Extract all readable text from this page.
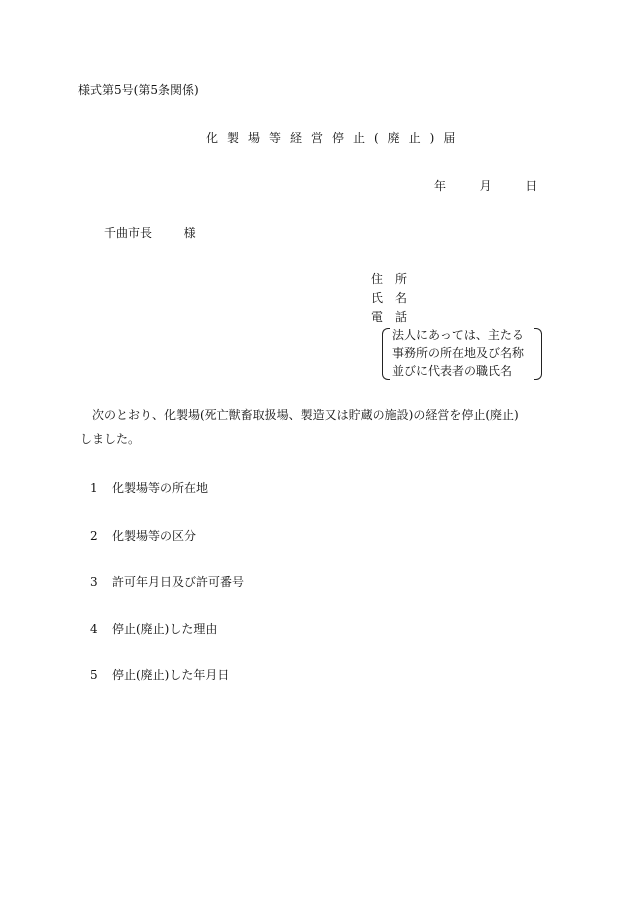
様式第5号(第5条関係)
化製場等経営停止(廃止)届
年	月	日
千曲市長	様
住　所
氏　名
電　話
法人にあっては、主たる
事務所の所在地及び名称
並びに代表者の職氏名
　次のとおり、化製場(死亡獣畜取扱場、製造又は貯蔵の施設)の経営を停止(廃止)
しました。
1 化製場等の所在地
2 化製場等の区分
3 許可年月日及び許可番号
4 停止(廃止)した理由
5 停止(廃止)した年月日
